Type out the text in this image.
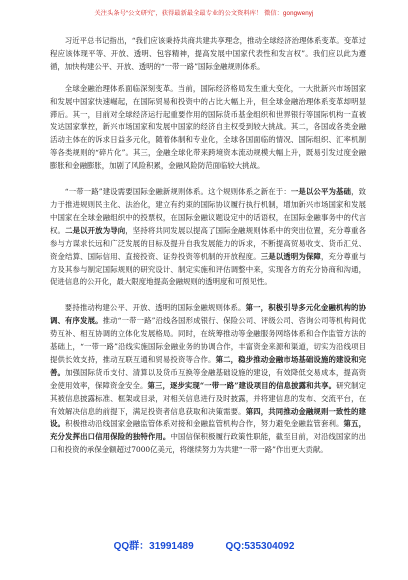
关注头条号“公文研究”，获得最新最全最专业的公文资料库！ 微信：gongwenyj

习近平总书记指出，“我们应该秉持共商共建共享理念，推动全球经济治理体系变革。变革过程应该体现平等、开放、透明、包容精神，提高发展中国家代表性和发言权”。我们应以此为遵循，加快构建公平、开放、透明的“一带一路”国际金融规则体系。

全球金融治理体系面临深刻变革。当前，国际经济格局发生重大变化，一大批新兴市场国家和发展中国家快速崛起，在国际贸易和投资中的占比大幅上升，但全球金融治理体系变革却明显滞后。其一，目前对全球经济运行起重要作用的国际货币基金组织和世界银行等国际机构一直被发达国家掌控，新兴市场国家和发展中国家的经济自主权受到较大挑战。其二，各国或各类金融活动主体在的诉求日益多元化，随着体制和专业化，全球各国面临的情况、国际组织、汇率机制等各类规则的“碎片化”。其三，金融全球化带来跨境资本流动规模大幅上升，既易引发过度金融膨胀和金融膨胀，加剧了风险积累，金融风险防范面临较大挑战。

“一带一路”建设需要国际金融新规则体系。这个规则体系之新在于：一是以公平为基础，致力于推进规则民主化、法治化，建立有约束的国际协议履行执行机制，增加新兴市场国家和发展中国家在全球金融组织中的投票权，在国际金融议题设定中的话语权，在国际金融事务中的代言权。二是以开放为导向，坚持将共同发展以提高了国际金融规则体系中的突出位置，充分尊重各参与方谋求长远和广泛发展的目标及提升自我发展能力的诉求，不断提高贸易收支、货币汇兑、资金结算、国际信用、直接投资、证券投资等机制的开放程度。三是以透明为保障，充分尊重与方及其参与制定国际规则的研究设计、制定实施和评估调整中来，实现各方的充分协商和沟通，促进信息的公开化，最大限度地提高金融规则的透明度和可预见性。

要持推动构建公平、开放、透明的国际金融规则体系。第一，积极引导多元化金融机构的协调、有序发展。推动“一带一路”沿线各国形成银行、保险公司、评级公司、咨询公司等机构间优势互补、相互协调的立体化发展格局。同时，在统筹推动等金融服务网络体系和合作监管方法的基础上，“一带一路”沿线实施国际金融业务的协调合作，丰富资金来源和渠道，切实为沿线项目提供长效支持，推动互联互通和贸易投资等合作。第二，稳步推动金融市场基础设施的建设和完善。加强国际货币支付、清算以及货币互换等金融基础设施的建设，有效降低交易成本，提高资金使用效率，保障资金安全。第三，逐步实现“一带一路”建设项目的信息披露和共享。研究制定其被信息披露标准、框架或目录，对相关信息进行及时披露，并将建信息的发布、交流平台，在有效解决信息的前提下，满足投资者信息获取和决策需要。第四，共同推动金融规则一致性的建设。积极推动沿线国家金融监管体系对接和金融监管机构合作，努力避免金融监管套利。第五，充分发挥出口信用保险的独特作用。中国信保积极履行政策性职能，截至目前，对沿线国家的出口和投资的承保金额超过7000亿美元，将继续努力为共建“一带一路”作出更大贡献。

QQ群：31991489	QQ:535304092
